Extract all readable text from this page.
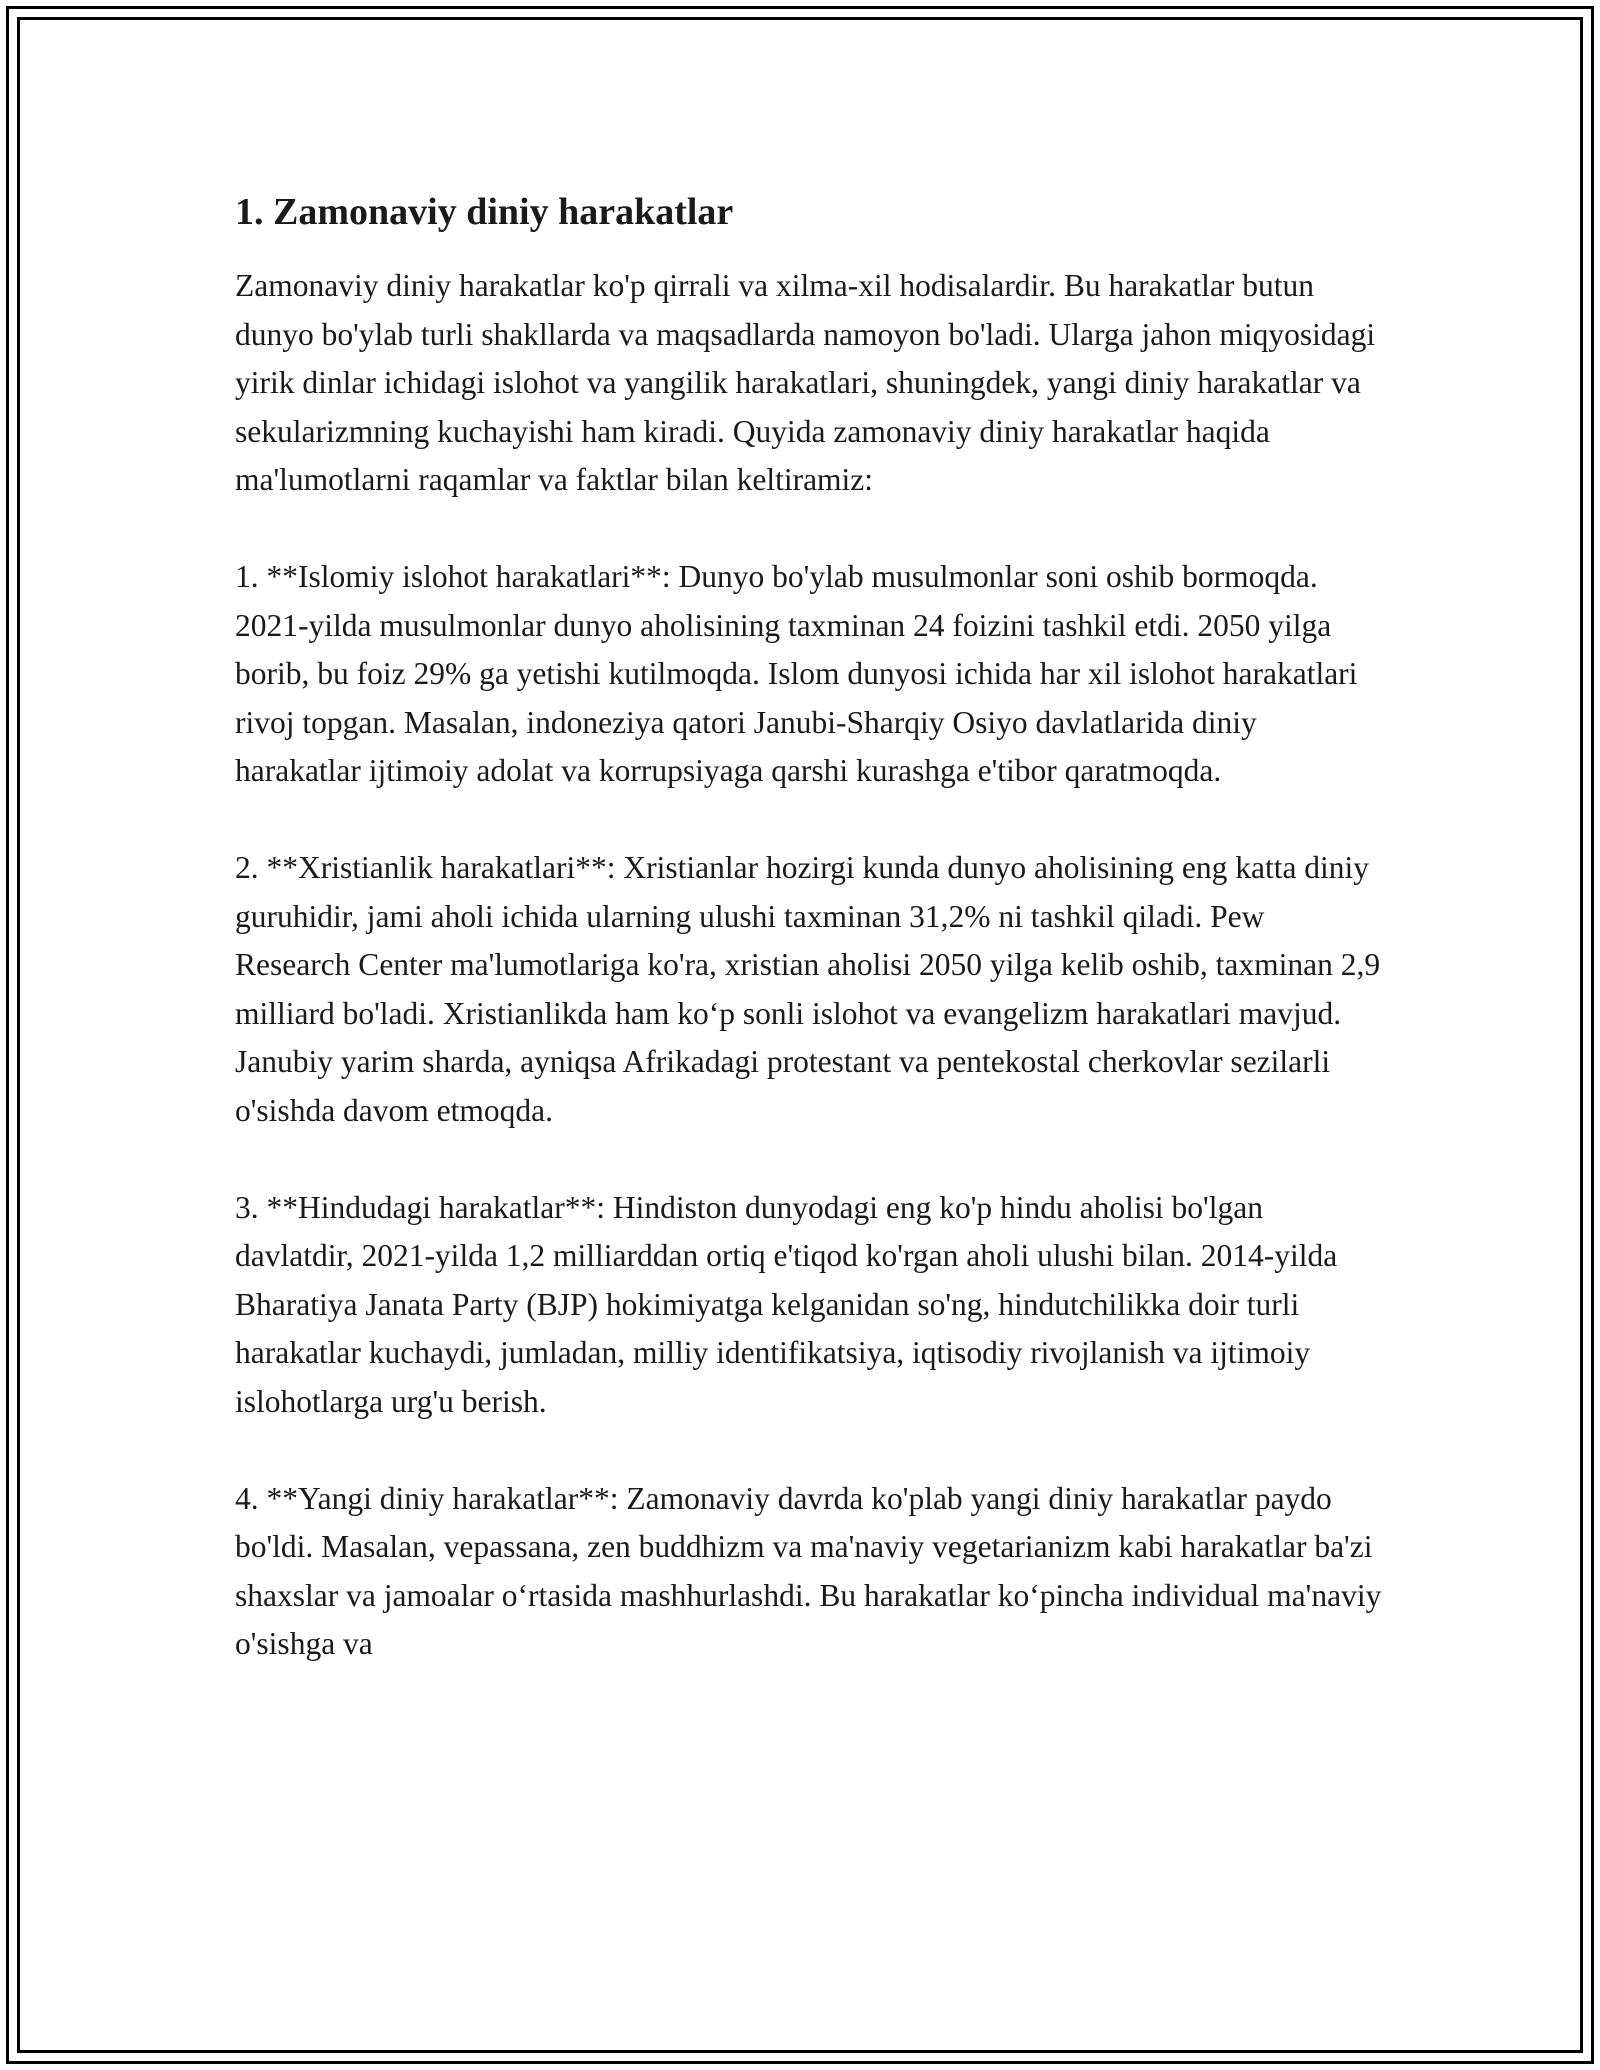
1. Zamonaviy diniy harakatlar

Zamonaviy diniy harakatlar ko'p qirrali va xilma-xil hodisalardir. Bu harakatlar butun dunyo bo'ylab turli shakllarda va maqsadlarda namoyon bo'ladi. Ularga jahon miqyosidagi yirik dinlar ichidagi islohot va yangilik harakatlari, shuningdek, yangi diniy harakatlar va sekularizmning kuchayishi ham kiradi. Quyida zamonaviy diniy harakatlar haqida ma'lumotlarni raqamlar va faktlar bilan keltiramiz:

1. **Islomiy islohot harakatlari**: Dunyo bo'ylab musulmonlar soni oshib bormoqda. 2021-yilda musulmonlar dunyo aholisining taxminan 24 foizini tashkil etdi. 2050 yilga borib, bu foiz 29% ga yetishi kutilmoqda. Islom dunyosi ichida har xil islohot harakatlari rivoj topgan. Masalan, indoneziya qatori Janubi-Sharqiy Osiyo davlatlarida diniy harakatlar ijtimoiy adolat va korrupsiyaga qarshi kurashga e'tibor qaratmoqda.

2. **Xristianlik harakatlari**: Xristianlar hozirgi kunda dunyo aholisining eng katta diniy guruhidir, jami aholi ichida ularning ulushi taxminan 31,2% ni tashkil qiladi. Pew Research Center ma'lumotlariga ko'ra, xristian aholisi 2050 yilga kelib oshib, taxminan 2,9 milliard bo'ladi. Xristianlikda ham ko‘p sonli islohot va evangelizm harakatlari mavjud. Janubiy yarim sharda, ayniqsa Afrikadagi protestant va pentekostal cherkovlar sezilarli o'sishda davom etmoqda.

3. **Hindudagi harakatlar**: Hindiston dunyodagi eng ko'p hindu aholisi bo'lgan davlatdir, 2021-yilda 1,2 milliarddan ortiq e'tiqod ko'rgan aholi ulushi bilan. 2014-yilda Bharatiya Janata Party (BJP) hokimiyatga kelganidan so'ng, hindutchilikka doir turli harakatlar kuchaydi, jumladan, milliy identifikatsiya, iqtisodiy rivojlanish va ijtimoiy islohotlarga urg'u berish.

4. **Yangi diniy harakatlar**: Zamonaviy davrda ko'plab yangi diniy harakatlar paydo bo'ldi. Masalan, vepassana, zen buddhizm va ma'naviy vegetarianizm kabi harakatlar ba'zi shaxslar va jamoalar o‘rtasida mashhurlashdi. Bu harakatlar ko‘pincha individual ma'naviy o'sishga va
